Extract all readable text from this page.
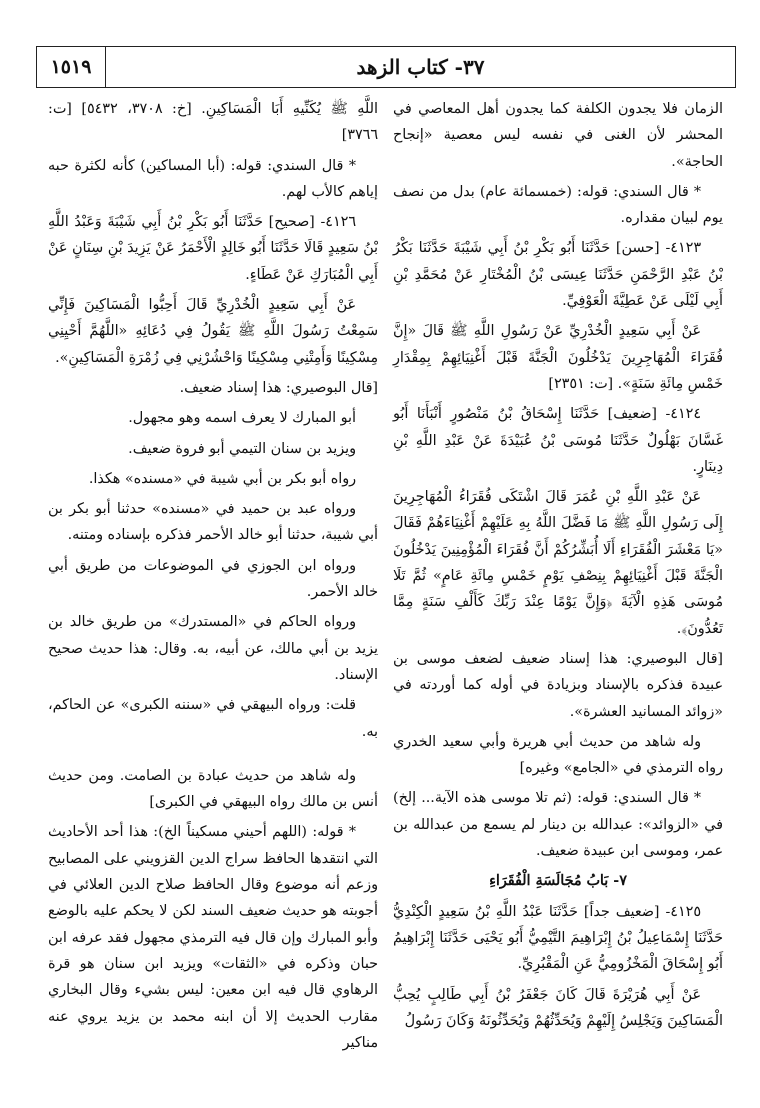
١٥١٩	٣٧- كتاب الزهد

الزمان فلا يجدون الكلفة كما يجدون أهل المعاصي في المحشر لأن الغنى في نفسه ليس معصية «إنجاح الحاجة».

* قال السندي: قوله: (خمسمائة عام) بدل من نصف يوم لبيان مقداره.

٤١٢٣- [حسن] حَدَّثَنَا أَبُو بَكْرِ بْنُ أَبِي شَيْبَةَ حَدَّثَنَا بَكْرُ بْنُ عَبْدِ الرَّحْمَنِ حَدَّثَنَا عِيسَى بْنُ الْمُخْتَارِ عَنْ مُحَمَّدِ بْنِ أَبِي لَيْلَى عَنْ عَطِيَّةَ الْعَوْفِيِّ.

عَنْ أَبِي سَعِيدٍ الْخُدْرِيِّ عَنْ رَسُولِ اللَّهِ ﷺ قَالَ «إِنَّ فُقَرَاءَ الْمُهَاجِرِينَ يَدْخُلُونَ الْجَنَّةَ قَبْلَ أَغْنِيَائِهِمْ بِمِقْدَارِ خَمْسِ مِائَةِ سَنَةٍ». [ت: ٢٣٥١]

٤١٢٤- [ضعيف] حَدَّثَنَا إِسْحَاقُ بْنُ مَنْصُورٍ أَنْبَأَنَا أَبُو غَسَّانَ بَهْلُولٌ حَدَّثَنَا مُوسَى بْنُ عُبَيْدَةَ عَنْ عَبْدِ اللَّهِ بْنِ دِينَارٍ.

عَنْ عَبْدِ اللَّهِ بْنِ عُمَرَ قَالَ اشْتَكَى فُقَرَاءُ الْمُهَاجِرِينَ إِلَى رَسُولِ اللَّهِ ﷺ مَا فَضَّلَ اللَّهُ بِهِ عَلَيْهِمْ أَغْنِيَاءَهُمْ فَقَالَ «يَا مَعْشَرَ الْفُقَرَاءِ أَلَا أُبَشِّرُكُمْ أَنَّ فُقَرَاءَ الْمُؤْمِنِينَ يَدْخُلُونَ الْجَنَّةَ قَبْلَ أَغْنِيَائِهِمْ بِنِصْفِ يَوْمٍ خَمْسِ مِائَةِ عَامٍ» ثُمَّ تَلَا مُوسَى هَذِهِ الْآيَةَ ﴿وَإِنَّ يَوْمًا عِنْدَ رَبِّكَ كَأَلْفِ سَنَةٍ مِمَّا تَعُدُّونَ﴾.

[قال البوصيري: هذا إسناد ضعيف لضعف موسى بن عبيدة فذكره بالإسناد وبزيادة في أوله كما أوردته في «زوائد المسانيد العشرة».

وله شاهد من حديث أبي هريرة وأبي سعيد الخدري رواه الترمذي في «الجامع» وغيره]

* قال السندي: قوله: (ثم تلا موسى هذه الآية... إلخ) في «الزوائد»: عبدالله بن دينار لم يسمع من عبدالله بن عمر، وموسى ابن عبيدة ضعيف.

٧- بَابُ مُجَالَسَةِ الْفُقَرَاءِ

٤١٢٥- [ضعيف جداً] حَدَّثَنَا عَبْدُ اللَّهِ بْنُ سَعِيدٍ الْكِنْدِيُّ حَدَّثَنَا إِسْمَاعِيلُ بْنُ إِبْرَاهِيمَ التَّيْمِيُّ أَبُو يَحْيَى حَدَّثَنَا إِبْرَاهِيمُ أَبُو إِسْحَاقَ الْمَخْزُومِيُّ عَنِ الْمَقْبُرِيِّ.

عَنْ أَبِي هُرَيْرَةَ قَالَ كَانَ جَعْفَرُ بْنُ أَبِي طَالِبٍ يُحِبُّ الْمَسَاكِينَ وَيَجْلِسُ إِلَيْهِمْ وَيُحَدِّثُهُمْ وَيُحَدِّثُونَهُ وَكَانَ رَسُولُ

اللَّهِ ﷺ يُكَنِّيهِ أَبَا الْمَسَاكِينِ. [خ: ٣٧٠٨، ٥٤٣٢] [ت: ٣٧٦٦]

* قال السندي: قوله: (أبا المساكين) كأنه لكثرة حبه إياهم كالأب لهم.

٤١٢٦- [صحيح] حَدَّثَنَا أَبُو بَكْرِ بْنُ أَبِي شَيْبَةَ وَعَبْدُ اللَّهِ بْنُ سَعِيدٍ قَالَا حَدَّثَنَا أَبُو خَالِدٍ الْأَحْمَرُ عَنْ يَزِيدَ بْنِ سِنَانٍ عَنْ أَبِي الْمُبَارَكِ عَنْ عَطَاءٍ.

عَنْ أَبِي سَعِيدٍ الْخُدْرِيِّ قَالَ أَحِبُّوا الْمَسَاكِينَ فَإِنِّي سَمِعْتُ رَسُولَ اللَّهِ ﷺ يَقُولُ فِي دُعَائِهِ «اللَّهُمَّ أَحْيِنِي مِسْكِينًا وَأَمِتْنِي مِسْكِينًا وَاحْشُرْنِي فِي زُمْرَةِ الْمَسَاكِينِ».

[قال البوصيري: هذا إسناد ضعيف.

أبو المبارك لا يعرف اسمه وهو مجهول.

ويزيد بن سنان التيمي أبو فروة ضعيف.

رواه أبو بكر بن أبي شيبة في «مسنده» هكذا.

ورواه عبد بن حميد في «مسنده» حدثنا أبو بكر بن أبي شيبة، حدثنا أبو خالد الأحمر فذكره بإسناده ومتنه.

ورواه ابن الجوزي في الموضوعات من طريق أبي خالد الأحمر.

ورواه الحاكم في «المستدرك» من طريق خالد بن يزيد بن أبي مالك، عن أبيه، به. وقال: هذا حديث صحيح الإسناد.

قلت: ورواه البيهقي في «سننه الكبرى» عن الحاكم، به.

وله شاهد من حديث عبادة بن الصامت. ومن حديث أنس بن مالك رواه البيهقي في الكبرى]

* قوله: (اللهم أحيني مسكيناً الخ): هذا أحد الأحاديث التي انتقدها الحافظ سراج الدين القزويني على المصابيح وزعم أنه موضوع وقال الحافظ صلاح الدين العلائي في أجوبته هو حديث ضعيف السند لكن لا يحكم عليه بالوضع وأبو المبارك وإن قال فيه الترمذي مجهول فقد عرفه ابن حبان وذكره في «الثقات» ويزيد ابن سنان هو قرة الرهاوي قال فيه ابن معين: ليس بشيء وقال البخاري مقارب الحديث إلا أن ابنه محمد بن يزيد يروي عنه مناكير
